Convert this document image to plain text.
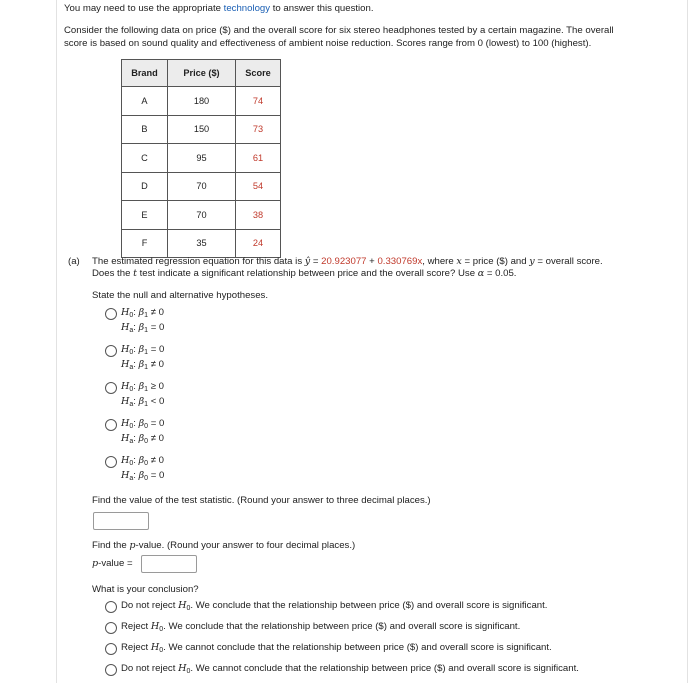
You may need to use the appropriate technology to answer this question.
Consider the following data on price ($) and the overall score for six stereo headphones tested by a certain magazine. The overall
score is based on sound quality and effectiveness of ambient noise reduction. Scores range from 0 (lowest) to 100 (highest).
Brand	Price ($)	Score
A	180	74
B	150	73
C	95	61
D	70	54
E	70	38
F	35	24
(a) The estimated regression equation for this data is ŷ = 20.923077 + 0.330769x, where x = price ($) and y = overall score.
Does the t test indicate a significant relationship between price and the overall score? Use α = 0.05.
State the null and alternative hypotheses.
$H_0$: $\beta_1 \ne 0$
$H_a$: $\beta_1 = 0$
$H_0$: $\beta_1 = 0$
$H_a$: $\beta_1 \ne 0$
$H_0$: $\beta_1 \ge 0$
$H_a$: $\beta_1 < 0$
$H_0$: $\beta_0 = 0$
$H_a$: $\beta_0 \ne 0$
$H_0$: $\beta_0 \ne 0$
$H_a$: $\beta_0 = 0$
Find the value of the test statistic. (Round your answer to three decimal places.)
Find the p-value. (Round your answer to four decimal places.)
p-value =
What is your conclusion?
Do not reject $H_0$. We conclude that the relationship between price ($) and overall score is significant.
Reject $H_0$. We conclude that the relationship between price ($) and overall score is significant.
Reject $H_0$. We cannot conclude that the relationship between price ($) and overall score is significant.
Do not reject $H_0$. We cannot conclude that the relationship between price ($) and overall score is significant.
